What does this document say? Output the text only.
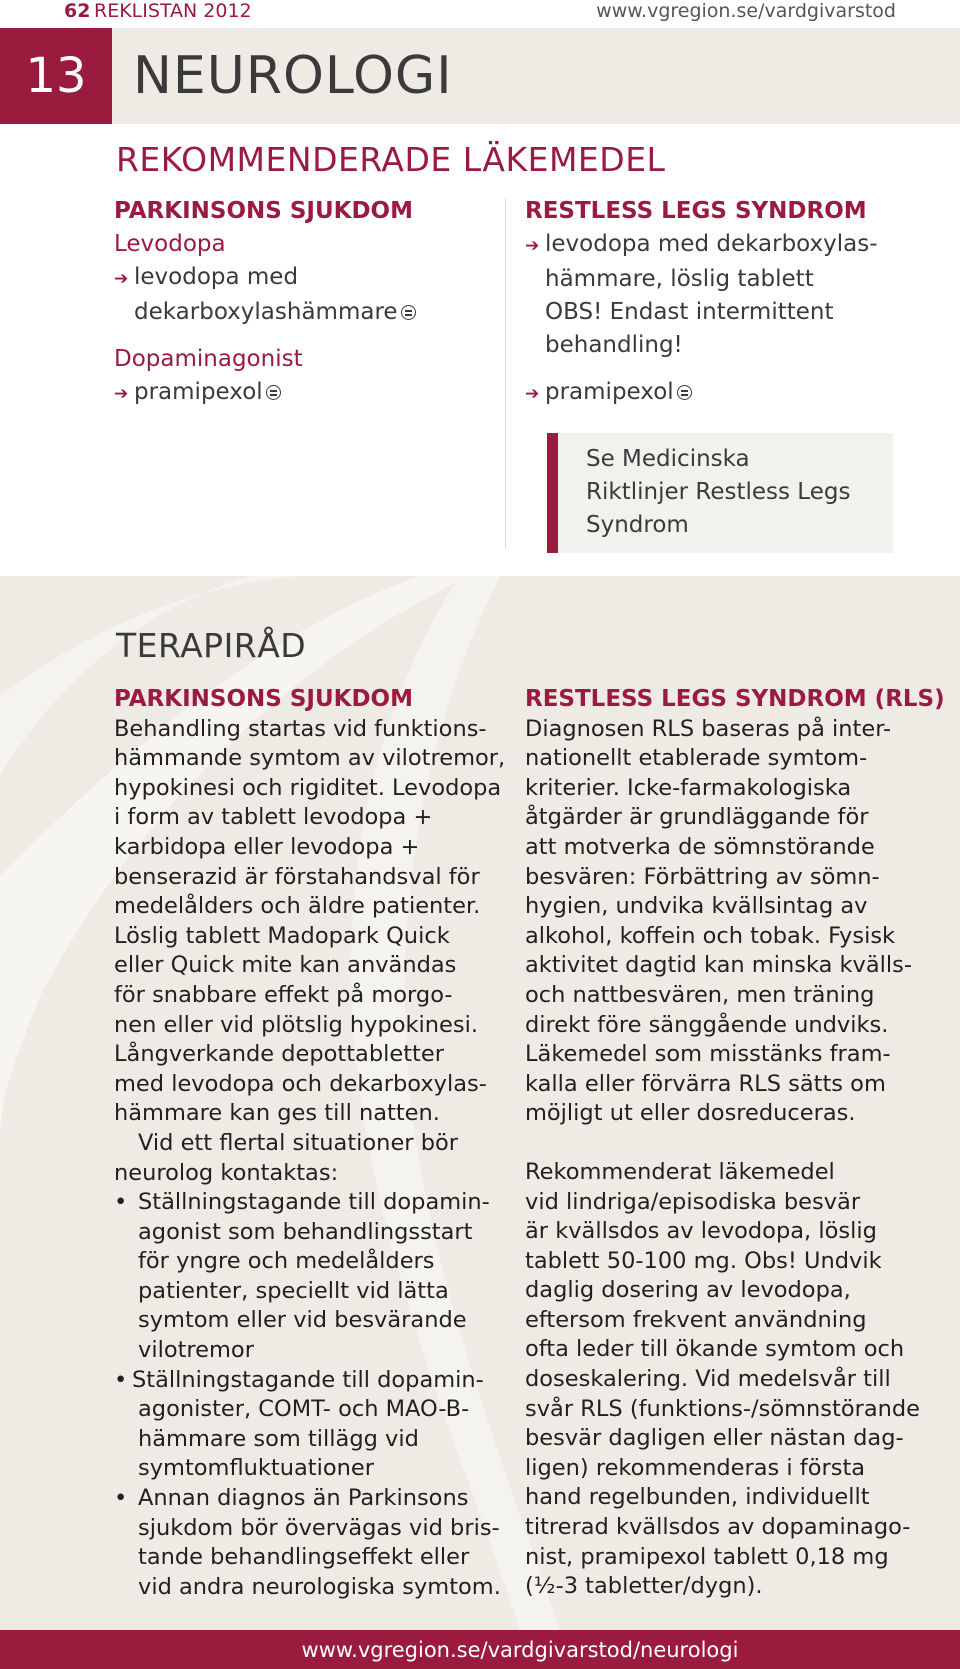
62 REKLISTAN 2012	www.vgregion.se/vardgivarstod
13 NEUROLOGI
REKOMMENDERADE LÄKEMEDEL
PARKINSONS SJUKDOM
Levodopa
➔ levodopa med
dekarboxylashämmare
Dopaminagonist
➔ pramipexol
RESTLESS LEGS SYNDROM
➔ levodopa med dekarboxylas-
hämmare, löslig tablett
OBS! Endast intermittent
behandling!
➔ pramipexol
Se Medicinska
Riktlinjer Restless Legs
Syndrom
TERAPIRÅD
PARKINSONS SJUKDOM
Behandling startas vid funktions-
hämmande symtom av vilotremor,
hypokinesi och rigiditet. Levodopa
i form av tablett levodopa +
karbidopa eller levodopa +
benserazid är förstahandsval för
medelålders och äldre patienter.
Löslig tablett Madopark Quick
eller Quick mite kan användas
för snabbare effekt på morgo-
nen eller vid plötslig hypokinesi.
Långverkande depottabletter
med levodopa och dekarboxylas-
hämmare kan ges till natten.
Vid ett flertal situationer bör
neurolog kontaktas:
• Ställningstagande till dopamin-
agonist som behandlingsstart
för yngre och medelålders
patienter, speciellt vid lätta
symtom eller vid besvärande
vilotremor
• Ställningstagande till dopamin-
agonister, COMT- och MAO-B-
hämmare som tillägg vid
symtomfluktuationer
• Annan diagnos än Parkinsons
sjukdom bör övervägas vid bris-
tande behandlingseffekt eller
vid andra neurologiska symtom.
RESTLESS LEGS SYNDROM (RLS)
Diagnosen RLS baseras på inter-
nationellt etablerade symtom-
kriterier. Icke-farmakologiska
åtgärder är grundläggande för
att motverka de sömnstörande
besvären: Förbättring av sömn-
hygien, undvika kvällsintag av
alkohol, koffein och tobak. Fysisk
aktivitet dagtid kan minska kvälls-
och nattbesvären, men träning
direkt före sänggående undviks.
Läkemedel som misstänks fram-
kalla eller förvärra RLS sätts om
möjligt ut eller dosreduceras.
Rekommenderat läkemedel
vid lindriga/episodiska besvär
är kvällsdos av levodopa, löslig
tablett 50-100 mg. Obs! Undvik
daglig dosering av levodopa,
eftersom frekvent användning
ofta leder till ökande symtom och
doseskalering. Vid medelsvår till
svår RLS (funktions-/sömnstörande
besvär dagligen eller nästan dag-
ligen) rekommenderas i första
hand regelbunden, individuellt
titrerad kvällsdos av dopaminago-
nist, pramipexol tablett 0,18 mg
(½-3 tabletter/dygn).
www.vgregion.se/vardgivarstod/neurologi
